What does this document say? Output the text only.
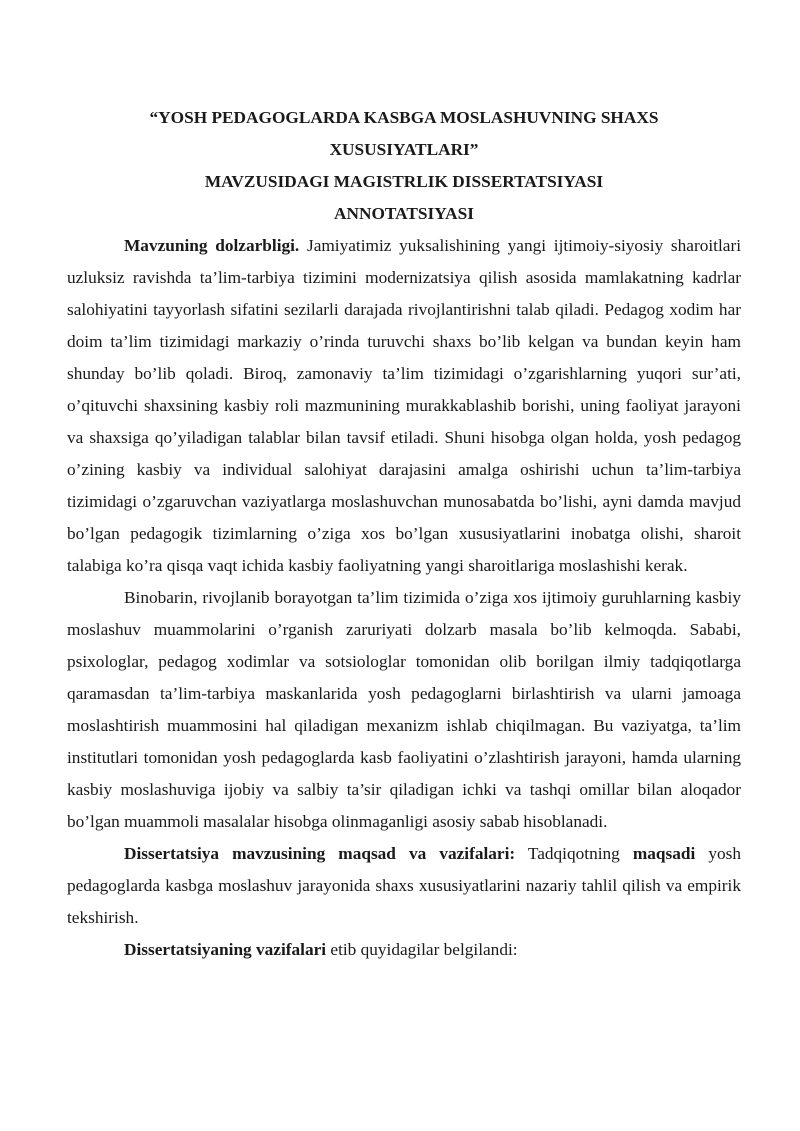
“YOSH PEDAGOGLARDA KASBGA MOSLASHUVNING SHAXS
XUSUSIYATLARI”
MAVZUSIDAGI MAGISTRLIK DISSERTATSIYASI
ANNOTATSIYASI

Mavzuning dolzarbligi. Jamiyatimiz yuksalishining yangi ijtimoiy-siyosiy sharoitlari uzluksiz ravishda ta’lim-tarbiya tizimini modernizatsiya qilish asosida mamlakatning kadrlar salohiyatini tayyorlash sifatini sezilarli darajada rivojlantirishni talab qiladi. Pedagog xodim har doim ta’lim tizimidagi markaziy o’rinda turuvchi shaxs bo’lib kelgan va bundan keyin ham shunday bo’lib qoladi. Biroq, zamonaviy ta’lim tizimidagi o’zgarishlarning yuqori sur’ati, o’qituvchi shaxsining kasbiy roli mazmunining murakkablashib borishi, uning faoliyat jarayoni va shaxsiga qo’yiladigan talablar bilan tavsif etiladi. Shuni hisobga olgan holda, yosh pedagog o’zining kasbiy va individual salohiyat darajasini amalga oshirishi uchun ta’lim-tarbiya tizimidagi o’zgaruvchan vaziyatlarga moslashuvchan munosabatda bo’lishi, ayni damda mavjud bo’lgan pedagogik tizimlarning o’ziga xos bo’lgan xususiyatlarini inobatga olishi, sharoit talabiga ko’ra qisqa vaqt ichida kasbiy faoliyatning yangi sharoitlariga moslashishi kerak.

Binobarin, rivojlanib borayotgan ta’lim tizimida o’ziga xos ijtimoiy guruhlarning kasbiy moslashuv muammolarini o’rganish zaruriyati dolzarb masala bo’lib kelmoqda. Sababi, psixologlar, pedagog xodimlar va sotsiologlar tomonidan olib borilgan ilmiy tadqiqotlarga qaramasdan ta’lim-tarbiya maskanlarida yosh pedagoglarni birlashtirish va ularni jamoaga moslashtirish muammosini hal qiladigan mexanizm ishlab chiqilmagan. Bu vaziyatga, ta’lim institutlari tomonidan yosh pedagoglarda kasb faoliyatini o’zlashtirish jarayoni, hamda ularning kasbiy moslashuviga ijobiy va salbiy ta’sir qiladigan ichki va tashqi omillar bilan aloqador bo’lgan muammoli masalalar hisobga olinmaganligi asosiy sabab hisoblanadi.

Dissertatsiya mavzusining maqsad va vazifalari: Tadqiqotning maqsadi yosh pedagoglarda kasbga moslashuv jarayonida shaxs xususiyatlarini nazariy tahlil qilish va empirik tekshirish.

Dissertatsiyaning vazifalari etib quyidagilar belgilandi:
